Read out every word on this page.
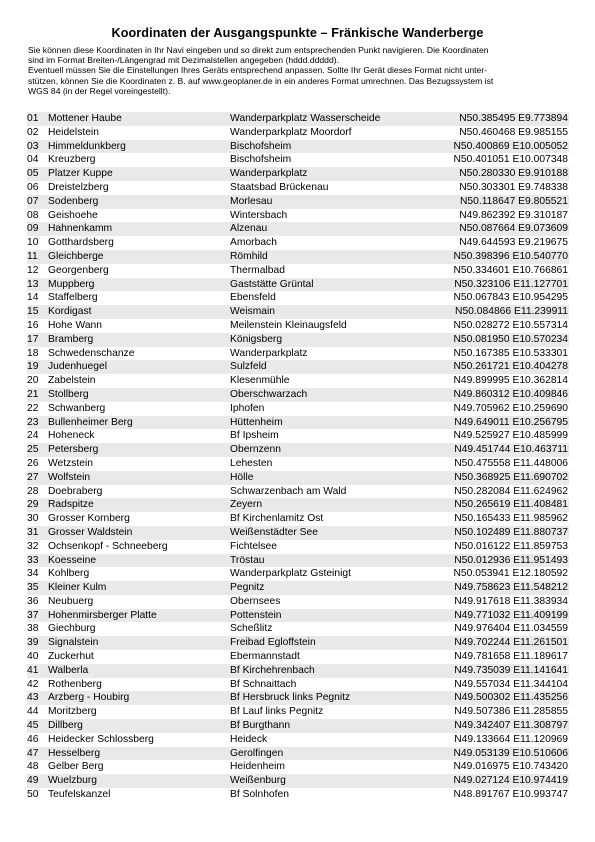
Koordinaten der Ausgangspunkte – Fränkische Wanderberge
Sie können diese Koordinaten in Ihr Navi eingeben und so direkt zum entsprechenden Punkt navigieren. Die Koordinaten
sind im Format Breiten-/Längengrad mit Dezimalstellen angegeben (hddd.ddddd).
Eventuell müssen Sie die Einstellungen Ihres Geräts entsprechend anpassen. Sollte Ihr Gerät dieses Format nicht unter-
stützen, können Sie die Koordinaten z. B. auf www.geoplaner.de in ein anderes Format umrechnen. Das Bezugssystem ist
WGS 84 (in der Regel voreingestellt).
01 Mottener Haube	Wanderparkplatz Wasserscheide	N50.385495 E9.773894
02 Heidelstein	Wanderparkplatz Moordorf	N50.460468 E9.985155
03 Himmeldunkberg	Bischofsheim	N50.400869 E10.005052
04 Kreuzberg	Bischofsheim	N50.401051 E10.007348
05 Platzer Kuppe	Wanderparkplatz	N50.280330 E9.910188
06 Dreistelzberg	Staatsbad Brückenau	N50.303301 E9.748338
07 Sodenberg	Morlesau	N50.118647 E9.805521
08 Geishoehe	Wintersbach	N49.862392 E9.310187
09 Hahnenkamm	Alzenau	N50.087664 E9.073609
10 Gotthardsberg	Amorbach	N49.644593 E9.219675
11 Gleichberge	Römhild	N50.398396 E10.540770
12 Georgenberg	Thermalbad	N50.334601 E10.766861
13 Muppberg	Gaststätte Grüntal	N50.323106 E11.127701
14 Staffelberg	Ebensfeld	N50.067843 E10.954295
15 Kordigast	Weismain	N50.084866 E11.239911
16 Hohe Wann	Meilenstein Kleinaugsfeld	N50.028272 E10.557314
17 Bramberg	Königsberg	N50.081950 E10.570234
18 Schwedenschanze	Wanderparkplatz	N50.167385 E10.533301
19 Judenhuegel	Sulzfeld	N50.261721 E10.404278
20 Zabelstein	Klesenmühle	N49.899995 E10.362814
21 Stollberg	Oberschwarzach	N49.860312 E10.409846
22 Schwanberg	Iphofen	N49.705962 E10.259690
23 Bullenheimer Berg	Hüttenheim	N49.649011 E10.256795
24 Hoheneck	Bf Ipsheim	N49.525927 E10.485999
25 Petersberg	Obernzenn	N49.451744 E10.463711
26 Wetzstein	Lehesten	N50.475558 E11.448006
27 Wolfstein	Hölle	N50.368925 E11.690702
28 Doebraberg	Schwarzenbach am Wald	N50.282084 E11.624962
29 Radspitze	Zeyern	N50.265619 E11.408481
30 Grosser Kornberg	Bf Kirchenlamitz Ost	N50.165433 E11.985962
31 Grosser Waldstein	Weißenstädter See	N50.102489 E11.880737
32 Ochsenkopf - Schneeberg	Fichtelsee	N50.016122 E11.859753
33 Koesseine	Tröstau	N50.012936 E11.951493
34 Kohlberg	Wanderparkplatz Gsteinigt	N50.053941 E12.180592
35 Kleiner Kulm	Pegnitz	N49.758623 E11.548212
36 Neubuerg	Obernsees	N49.917618 E11.383934
37 Hohenmirsberger Platte	Pottenstein	N49.771032 E11.409199
38 Giechburg	Scheßlitz	N49.976404 E11.034559
39 Signalstein	Freibad Egloffstein	N49.702244 E11.261501
40 Zuckerhut	Ebermannstadt	N49.781658 E11.189617
41 Walberla	Bf Kirchehrenbach	N49.735039 E11.141641
42 Rothenberg	Bf Schnaittach	N49.557034 E11.344104
43 Arzberg - Houbirg	Bf Hersbruck links Pegnitz	N49.500302 E11.435256
44 Moritzberg	Bf Lauf links Pegnitz	N49.507386 E11.285855
45 Dillberg	Bf Burgthann	N49.342407 E11.308797
46 Heidecker Schlossberg	Heideck	N49.133664 E11.120969
47 Hesselberg	Gerolfingen	N49.053139 E10.510606
48 Gelber Berg	Heidenheim	N49.016975 E10.743420
49 Wuelzburg	Weißenburg	N49.027124 E10.974419
50 Teufelskanzel	Bf Solnhofen	N48.891767 E10.993747
